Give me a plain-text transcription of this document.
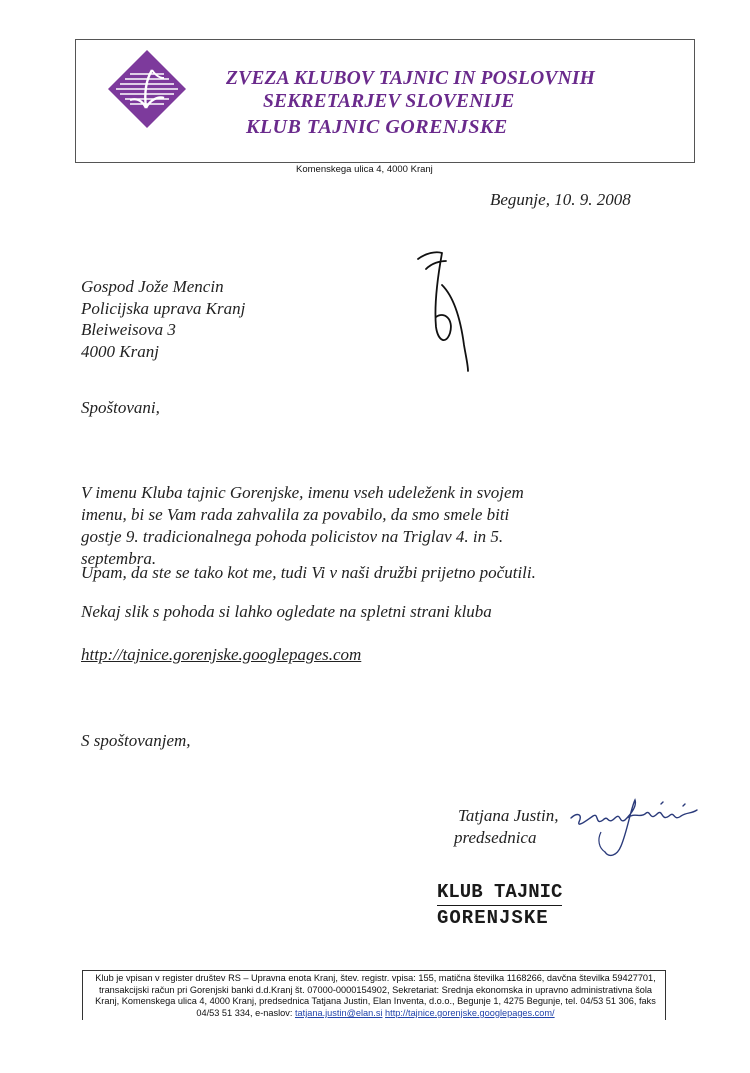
ZVEZA KLUBOV TAJNIC IN POSLOVNIH
SEKRETARJEV SLOVENIJE
KLUB TAJNIC GORENJSKE
Komenskega ulica 4, 4000 Kranj
Begunje, 10. 9. 2008
Gospod Jože Mencin
Policijska uprava Kranj
Bleiweisova 3
4000 Kranj
Spoštovani,
V imenu Kluba tajnic Gorenjske, imenu vseh udeleženk in svojem imenu, bi se Vam rada zahvalila za povabilo, da smo smele biti gostje 9. tradicionalnega pohoda policistov na Triglav 4. in 5. septembra.
Upam, da ste se tako kot me, tudi Vi v naši družbi prijetno počutili.
Nekaj slik s pohoda si lahko ogledate na spletni strani kluba
http://tajnice.gorenjske.googlepages.com
S spoštovanjem,
Tatjana Justin,
predsednica
KLUB TAJNIC
GORENJSKE
Klub je vpisan v register društev RS – Upravna enota Kranj, štev. registr. vpisa: 155, matična številka 1168266, davčna številka 59427701, transakcijski račun pri Gorenjski banki d.d.Kranj št. 07000-0000154902, Sekretariat: Srednja ekonomska in upravno administrativna šola Kranj, Komenskega ulica 4, 4000 Kranj, predsednica Tatjana Justin, Elan Inventa, d.o.o., Begunje 1, 4275 Begunje, tel. 04/53 51 306, faks 04/53 51 334, e-naslov: tatjana.justin@elan.si http://tajnice.gorenjske.googlepages.com/
